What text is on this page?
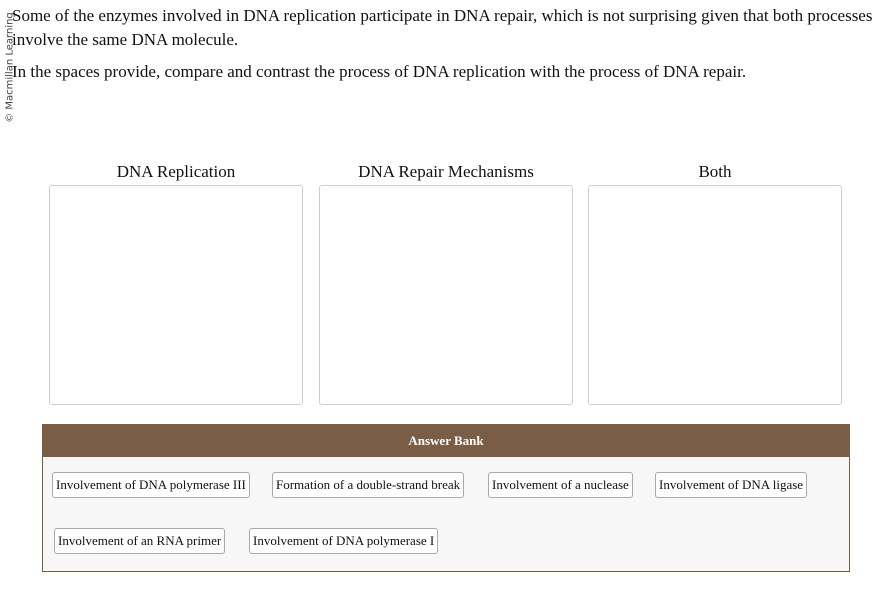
© Macmillan Learning

Some of the enzymes involved in DNA replication participate in DNA repair, which is not surprising given that both processes involve the same DNA molecule.

In the spaces provide, compare and contrast the process of DNA replication with the process of DNA repair.

DNA Replication	DNA Repair Mechanisms	Both
Answer Bank
Involvement of DNA polymerase III	Formation of a double-strand break	Involvement of a nuclease	Involvement of DNA ligase
Involvement of an RNA primer	Involvement of DNA polymerase I
